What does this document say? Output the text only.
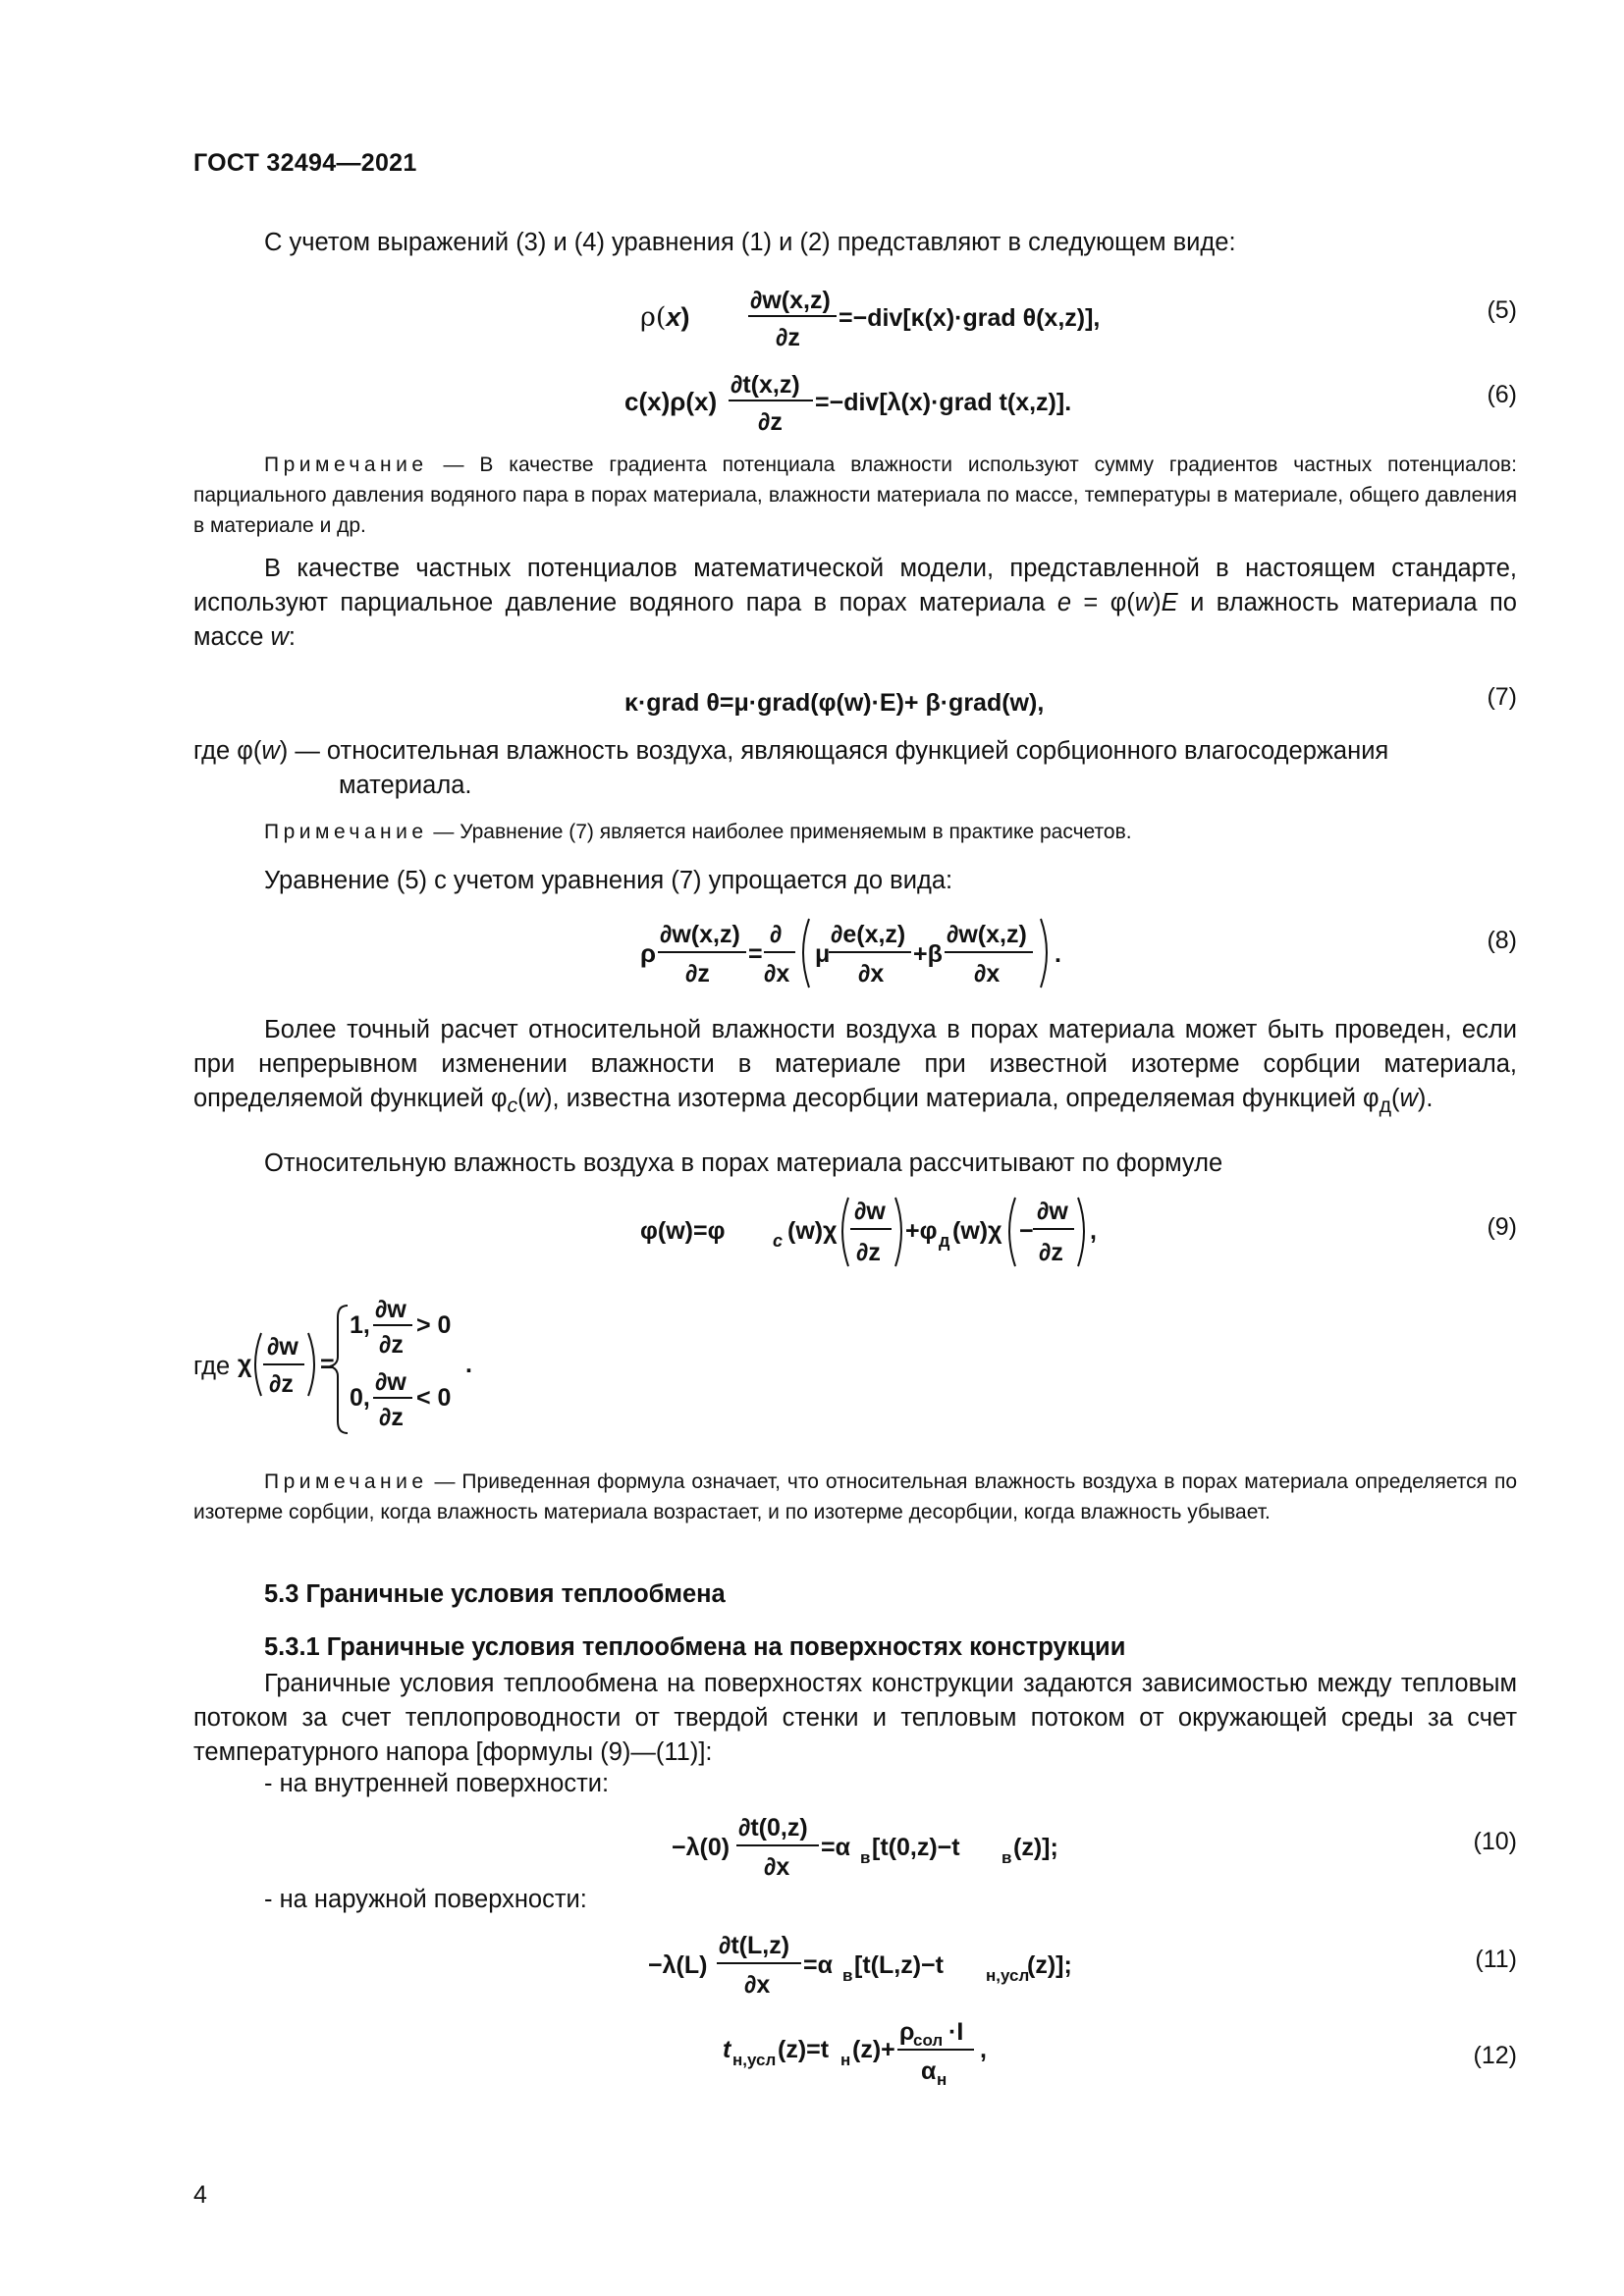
ГОСТ 32494—2021
С учетом выражений (3) и (4) уравнения (1) и (2) представляют в следующем виде:
ρ(x)
∂w(x,z)
∂z
=−div[κ(x)·grad θ(x,z)],	(5)
c(x)ρ(x)
∂t(x,z)
∂z
=−div[λ(x)·grad t(x,z)].	(6)
Примечание — В качестве градиента потенциала влажности используют сумму градиентов частных потенциалов: парциального давления водяного пара в порах материала, влажности материала по массе, температуры в материале, общего давления в материале и др.
В качестве частных потенциалов математической модели, представленной в настоящем стандарте, используют парциальное давление водяного пара в порах материала e = φ(w)E и влажность материала по массе w:
κ·grad θ=μ·grad(φ(w)·E)+ β·grad(w),	(7)
где φ(w) — относительная влажность воздуха, являющаяся функцией сорбционного влагосодержания
материала.
Примечание — Уравнение (7) является наиболее применяемым в практике расчетов.
Уравнение (5) с учетом уравнения (7) упрощается до вида:
ρ
∂w(x,z)
∂z
=
∂
∂x
μ
∂e(x,z)
∂x
+β
∂w(x,z)
∂x
.	(8)
Более точный расчет относительной влажности воздуха в порах материала может быть проведен, если при непрерывном изменении влажности в материале при известной изотерме сорбции материала, определяемой функцией $\varphi_с(w)$, известна изотерма десорбции материала, определяемая функцией $\varphi_д(w)$.
Относительную влажность воздуха в порах материала рассчитывают по формуле
φ(w)=φ	с (w)χ
∂w
∂z
+φ д (w)χ −
∂w
∂z
,	(9)
где χ
∂w
∂z
=
1,
∂w
∂z
> 0
0,
∂w
∂z
< 0
.
Примечание — Приведенная формула означает, что относительная влажность воздуха в порах материала определяется по изотерме сорбции, когда влажность материала возрастает, и по изотерме десорбции, когда влажность убывает.
5.3 Граничные условия теплообмена
5.3.1 Граничные условия теплообмена на поверхностях конструкции
Граничные условия теплообмена на поверхностях конструкции задаются зависимостью между тепловым потоком за счет теплопроводности от твердой стенки и тепловым потоком от окружающей среды за счет температурного напора [формулы (9)—(11)]:
- на внутренней поверхности:
−λ(0)
∂t(0,z)
∂x
=α в [t(0,z)−t в (z)];	(10)
- на наружной поверхности:
−λ(L)
∂t(L,z)
∂x
=α в [t(L,z)−t	н,усл
(z)];	(11)
t н,усл (z)=t н (z)+
ρ
сол ·I
α н
,	(12)
4
